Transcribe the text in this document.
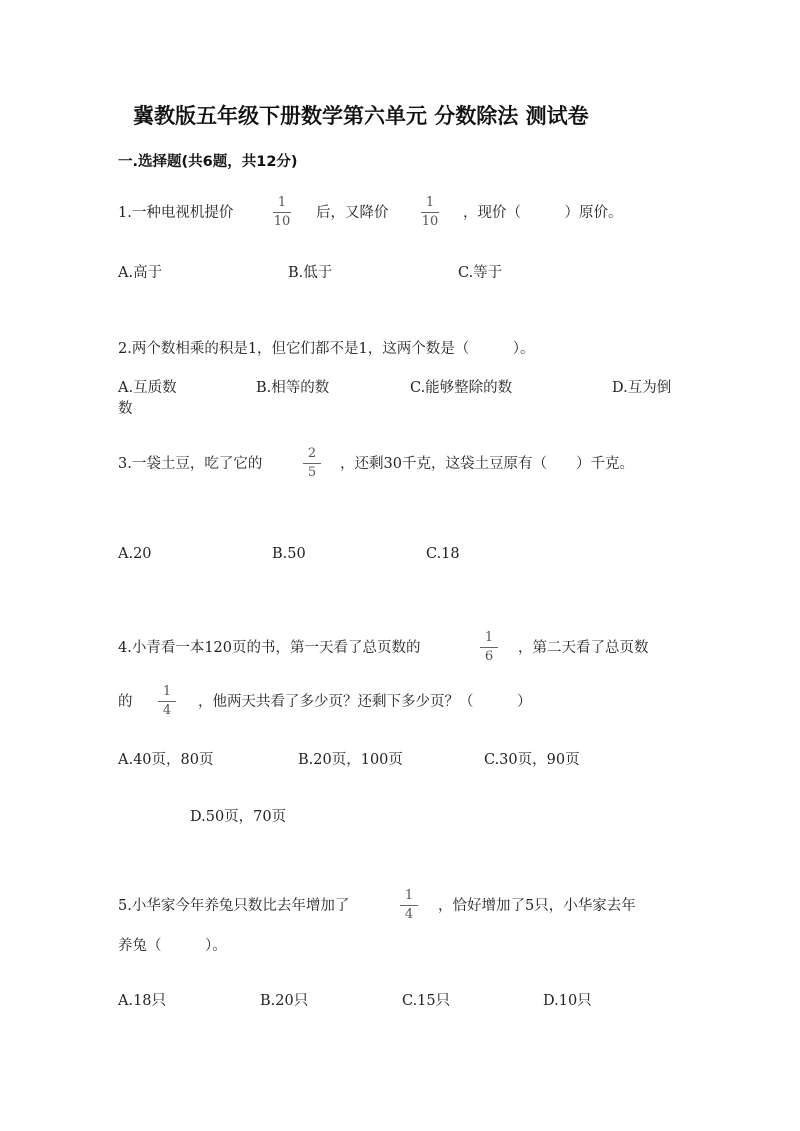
冀教版五年级下册数学第六单元 分数除法 测试卷
一.选择题(共6题，共12分)
1.一种电视机提价
1
10
后，又降价
1
10
，现价（　　　）原价。
A.高于	B.低于	C.等于
2.两个数相乘的积是1，但它们都不是1，这两个数是（　　　）。
A.互质数	B.相等的数	C.能够整除的数	D.互为倒
数
3.一袋土豆，吃了它的
2
5
，还剩30千克，这袋土豆原有（　　）千克。
A.20	B.50	C.18
4.小青看一本120页的书，第一天看了总页数的
1
6
，第二天看了总页数
的
1
4
，他两天共看了多少页？还剩下多少页？（　　　）
A.40页，80页	B.20页，100页	C.30页，90页
D.50页，70页
5.小华家今年养兔只数比去年增加了
1
4
，恰好增加了5只，小华家去年
养兔（　　　）。
A.18只	B.20只	C.15只	D.10只
